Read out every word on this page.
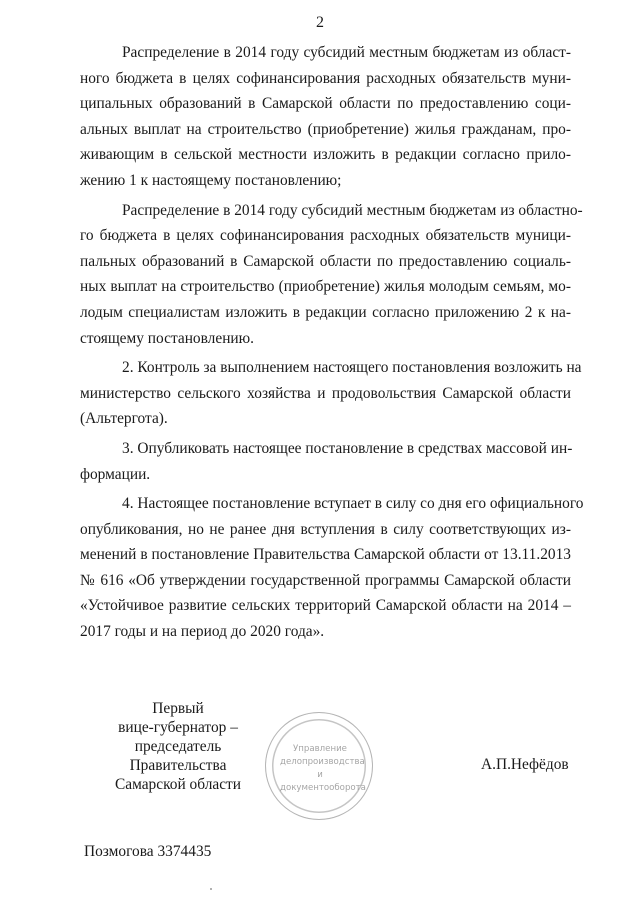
2

Распределение в 2014 году субсидий местным бюджетам из област-
ного бюджета в целях софинансирования расходных обязательств муни-
ципальных образований в Самарской области по предоставлению соци-
альных выплат на строительство (приобретение) жилья гражданам, про-
живающим в сельской местности изложить в редакции согласно прило-
жению 1 к настоящему постановлению;

Распределение в 2014 году субсидий местным бюджетам из областно-
го бюджета в целях софинансирования расходных обязательств муници-
пальных образований в Самарской области по предоставлению социаль-
ных выплат на строительство (приобретение) жилья молодым семьям, мо-
лодым специалистам изложить в редакции согласно приложению 2 к на-
стоящему постановлению.

2. Контроль за выполнением настоящего постановления возложить на
министерство сельского хозяйства и продовольствия Самарской области
(Альтергота).

3. Опубликовать настоящее постановление в средствах массовой ин-
формации.

4. Настоящее постановление вступает в силу со дня его официального
опубликования, но не ранее дня вступления в силу соответствующих из-
менений в постановление Правительства Самарской области от 13.11.2013
№ 616 «Об утверждении государственной программы Самарской области
«Устойчивое развитие сельских территорий Самарской области на 2014 –
2017 годы и на период до 2020 года».

Первый
вице-губернатор –
председатель Правительства
Самарской области
Управление
делопроизводства
и документооборота
А.П.Нефёдов
Позмогова 3374435
